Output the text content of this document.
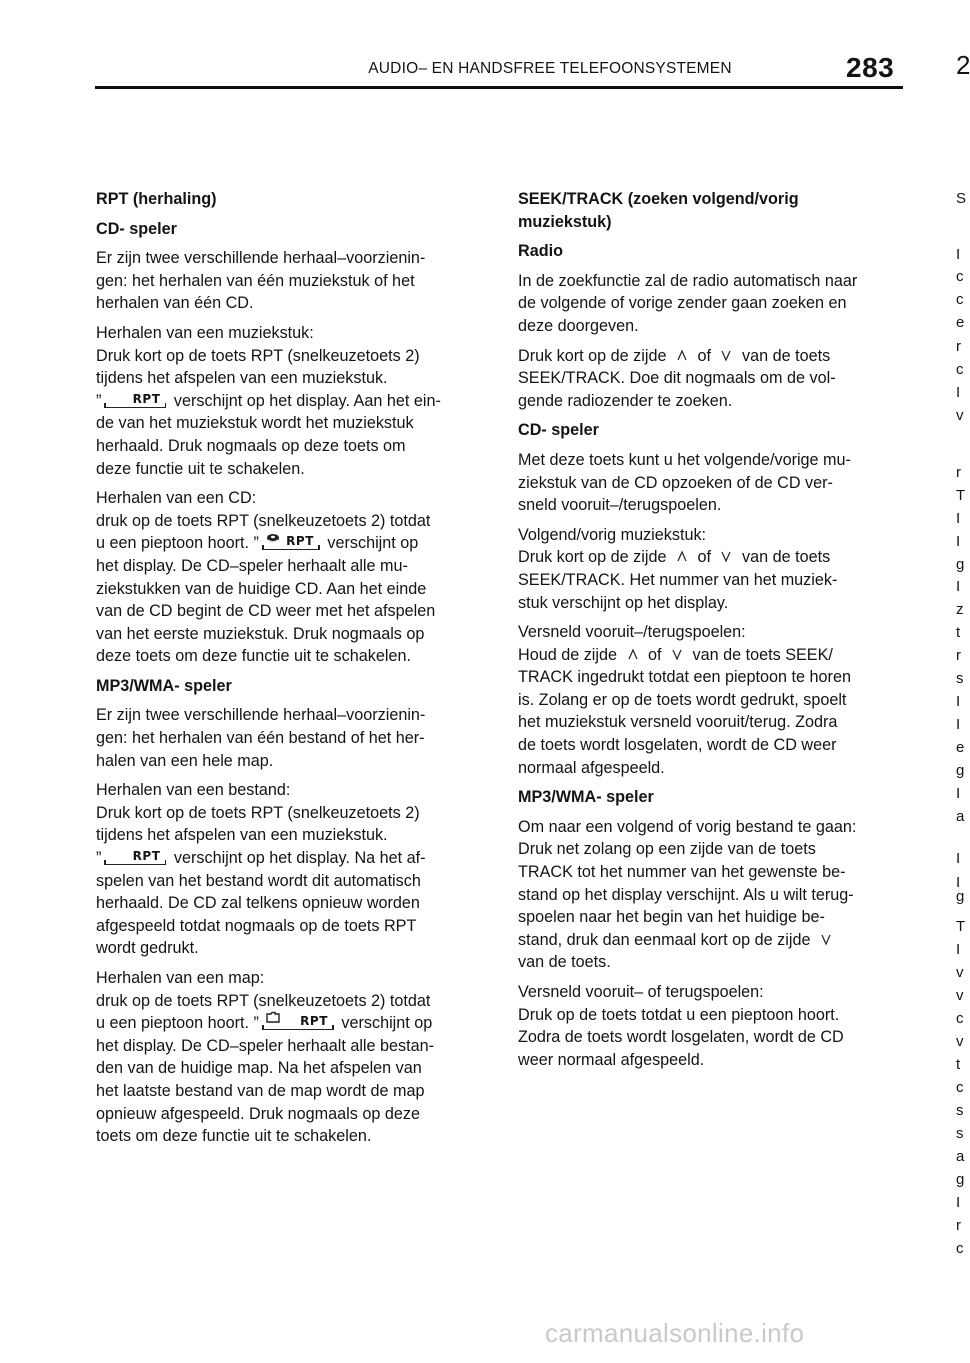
AUDIO– EN HANDSFREE TELEFOONSYSTEMEN	283 2

RPT (herhaling)

CD- speler

Er zijn twee verschillende herhaal–voorzienin-
gen: het herhalen van één muziekstuk of het
herhalen van één CD.

Herhalen van een muziekstuk:
Druk kort op de toets RPT (snelkeuzetoets 2)
tijdens het afspelen van een muziekstuk.
”	RPT verschijnt op het display. Aan het ein-
de van het muziekstuk wordt het muziekstuk
herhaald. Druk nogmaals op deze toets om
deze functie uit te schakelen.

Herhalen van een CD:
druk op de toets RPT (snelkeuzetoets 2) totdat
u een pieptoon hoort. ” RPT verschijnt op
het display. De CD–speler herhaalt alle mu-
ziekstukken van de huidige CD. Aan het einde
van de CD begint de CD weer met het afspelen
van het eerste muziekstuk. Druk nogmaals op
deze toets om deze functie uit te schakelen.

MP3/WMA- speler

Er zijn twee verschillende herhaal–voorzienin-
gen: het herhalen van één bestand of het her-
halen van een hele map.

Herhalen van een bestand:
Druk kort op de toets RPT (snelkeuzetoets 2)
tijdens het afspelen van een muziekstuk.
”	RPT verschijnt op het display. Na het af-
spelen van het bestand wordt dit automatisch
herhaald. De CD zal telkens opnieuw worden
afgespeeld totdat nogmaals op de toets RPT
wordt gedrukt.

Herhalen van een map:
druk op de toets RPT (snelkeuzetoets 2) totdat
u een pieptoon hoort. ”	RPT verschijnt op
het display. De CD–speler herhaalt alle bestan-
den van de huidige map. Na het afspelen van
het laatste bestand van de map wordt de map
opnieuw afgespeeld. Druk nogmaals op deze
toets om deze functie uit te schakelen.

SEEK/TRACK (zoeken volgend/vorig
muziekstuk)

Radio

In de zoekfunctie zal de radio automatisch naar
de volgende of vorige zender gaan zoeken en
deze doorgeven.

Druk kort op de zijde of van de toets
SEEK/TRACK. Doe dit nogmaals om de vol-
gende radiozender te zoeken.

CD- speler

Met deze toets kunt u het volgende/vorige mu-
ziekstuk van de CD opzoeken of de CD ver-
sneld vooruit–/terugspoelen.

Volgend/vorig muziekstuk:
Druk kort op de zijde of van de toets
SEEK/TRACK. Het nummer van het muziek-
stuk verschijnt op het display.

Versneld vooruit–/terugspoelen:
Houd de zijde of van de toets SEEK/
TRACK ingedrukt totdat een pieptoon te horen
is. Zolang er op de toets wordt gedrukt, spoelt
het muziekstuk versneld vooruit/terug. Zodra
de toets wordt losgelaten, wordt de CD weer
normaal afgespeeld.

MP3/WMA- speler

Om naar een volgend of vorig bestand te gaan:
Druk net zolang op een zijde van de toets
TRACK tot het nummer van het gewenste be-
stand op het display verschijnt. Als u wilt terug-
spoelen naar het begin van het huidige be-
stand, druk dan eenmaal kort op de zijde
van de toets.

Versneld vooruit– of terugspoelen:
Druk op de toets totdat u een pieptoon hoort.
Zodra de toets wordt losgelaten, wordt de CD
weer normaal afgespeeld.

S
I
c
c
e
r
c
I
v
r
T
I
I
g
I
z
t
r
s
I
I
e
g
I
a
I
I
g
T
I
v
v
c
v
t
c
s
s
a
g
I
r
c
carmanualsonline.info
